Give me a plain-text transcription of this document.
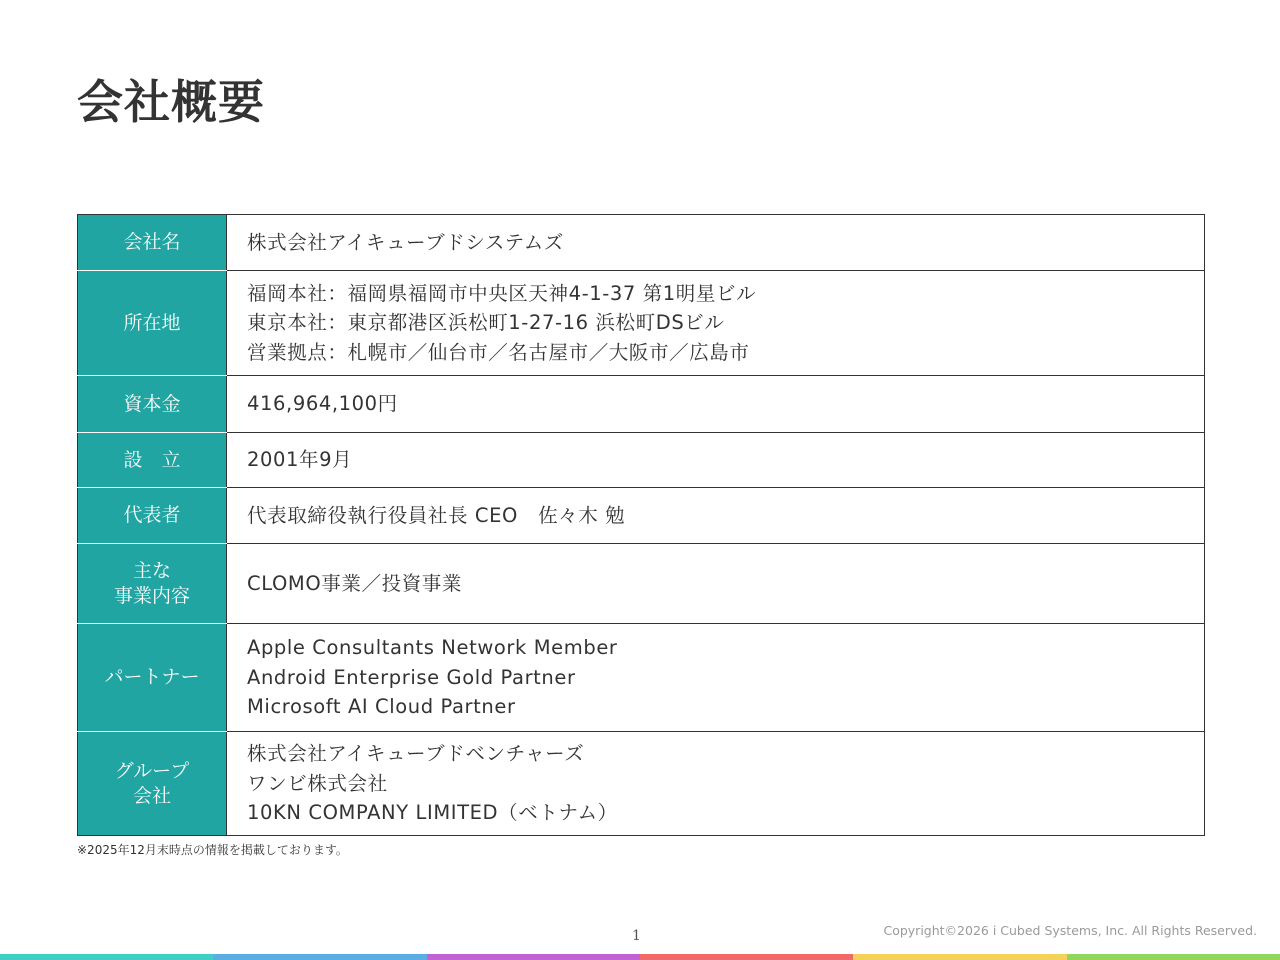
会社概要
会社名	株式会社アイキューブドシステムズ

所在地	福岡本社：福岡県福岡市中央区天神4-1-37 第1明星ビル
東京本社：東京都港区浜松町1-27-16 浜松町DSビル
営業拠点：札幌市／仙台市／名古屋市／大阪市／広島市

資本金	416,964,100円

設　立	2001年9月

代表者	代表取締役執行役員社長 CEO　佐々木 勉

主な
事業内容	CLOMO事業／投資事業

パートナー	Apple Consultants Network Member
Android Enterprise Gold Partner
Microsoft AI Cloud Partner

グループ
会社	株式会社アイキューブドベンチャーズ
ワンビ株式会社
10KN COMPANY LIMITED（ベトナム）
※2025年12月末時点の情報を掲載しております。
1	Copyright©2026 i Cubed Systems, Inc. All Rights Reserved.
